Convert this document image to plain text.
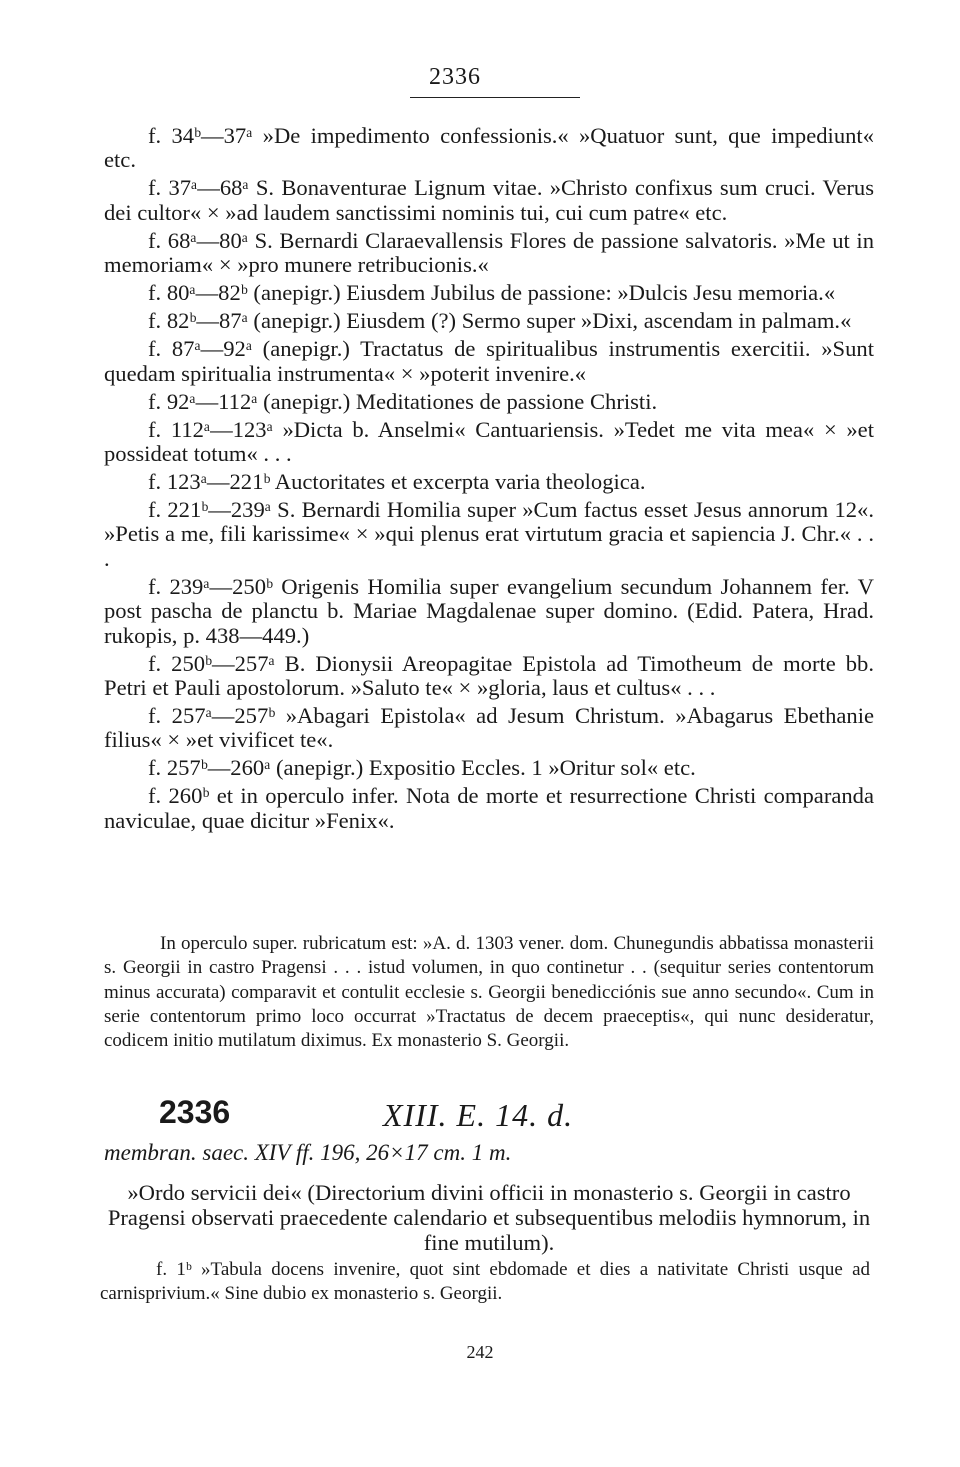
2336

f. 34ᵇ—37ᵃ »De impedimento confessionis.« »Quatuor sunt, que impediunt« etc.

f. 37ᵃ—68ᵃ S. Bonaventurae Lignum vitae. »Christo confixus sum cruci. Verus dei cultor« × »ad laudem sanctissimi nominis tui, cui cum patre« etc.

f. 68ᵃ—80ᵃ S. Bernardi Claraevallensis Flores de passione salvatoris. »Me ut in memoriam« × »pro munere retribucionis.«

f. 80ᵃ—82ᵇ (anepigr.) Eiusdem Jubilus de passione: »Dulcis Jesu memoria.«

f. 82ᵇ—87ᵃ (anepigr.) Eiusdem (?) Sermo super »Dixi, ascendam in palmam.«

f. 87ᵃ—92ᵃ (anepigr.) Tractatus de spiritualibus instrumentis exercitii. »Sunt quedam spiritualia instrumenta« × »poterit invenire.«

f. 92ᵃ—112ᵃ (anepigr.) Meditationes de passione Christi.

f. 112ᵃ—123ᵃ »Dicta b. Anselmi« Cantuariensis. »Tedet me vita mea« × »et possideat totum« . . .

f. 123ᵃ—221ᵇ Auctoritates et excerpta varia theologica.

f. 221ᵇ—239ᵃ S. Bernardi Homilia super »Cum factus esset Jesus annorum 12«. »Petis a me, fili karissime« × »qui plenus erat virtutum gracia et sapiencia J. Chr.« . . .

f. 239ᵃ—250ᵇ Origenis Homilia super evangelium secundum Johannem fer. V post pascha de planctu b. Mariae Magdalenae super domino. (Edid. Patera, Hrad. rukopis, p. 438—449.)

f. 250ᵇ—257ᵃ B. Dionysii Areopagitae Epistola ad Timotheum de morte bb. Petri et Pauli apostolorum. »Saluto te« × »gloria, laus et cultus« . . .

f. 257ᵃ—257ᵇ »Abagari Epistola« ad Jesum Christum. »Abagarus Ebethanie filius« × »et vivificet te«.

f. 257ᵇ—260ᵃ (anepigr.) Expositio Eccles. 1 »Oritur sol« etc.

f. 260ᵇ et in operculo infer. Nota de morte et resurrectione Christi comparanda naviculae, quae dicitur »Fenix«.

In operculo super. rubricatum est: »A. d. 1303 vener. dom. Chunegundis abbatissa monasterii s. Georgii in castro Pragensi . . . istud volumen, in quo continetur . . (sequitur series contentorum minus accurata) comparavit et contulit ecclesie s. Georgii benedicciónis sue anno secundo«. Cum in serie contentorum primo loco occurrat »Tractatus de decem praeceptis«, qui nunc desideratur, codicem initio mutilatum diximus. Ex monasterio S. Georgii.
2336	XIII. E. 14. d.
membran. saec. XIV ff. 196, 26×17 cm. 1 m.
»Ordo servicii dei« (Directorium divini officii in monasterio s. Georgii in castro Pragensi observati praecedente calendario et subsequentibus melodiis hymnorum, in fine mutilum).
f. 1ᵇ »Tabula docens invenire, quot sint ebdomade et dies a nativitate Christi usque ad carnisprivium.« Sine dubio ex monasterio s. Georgii.
242
